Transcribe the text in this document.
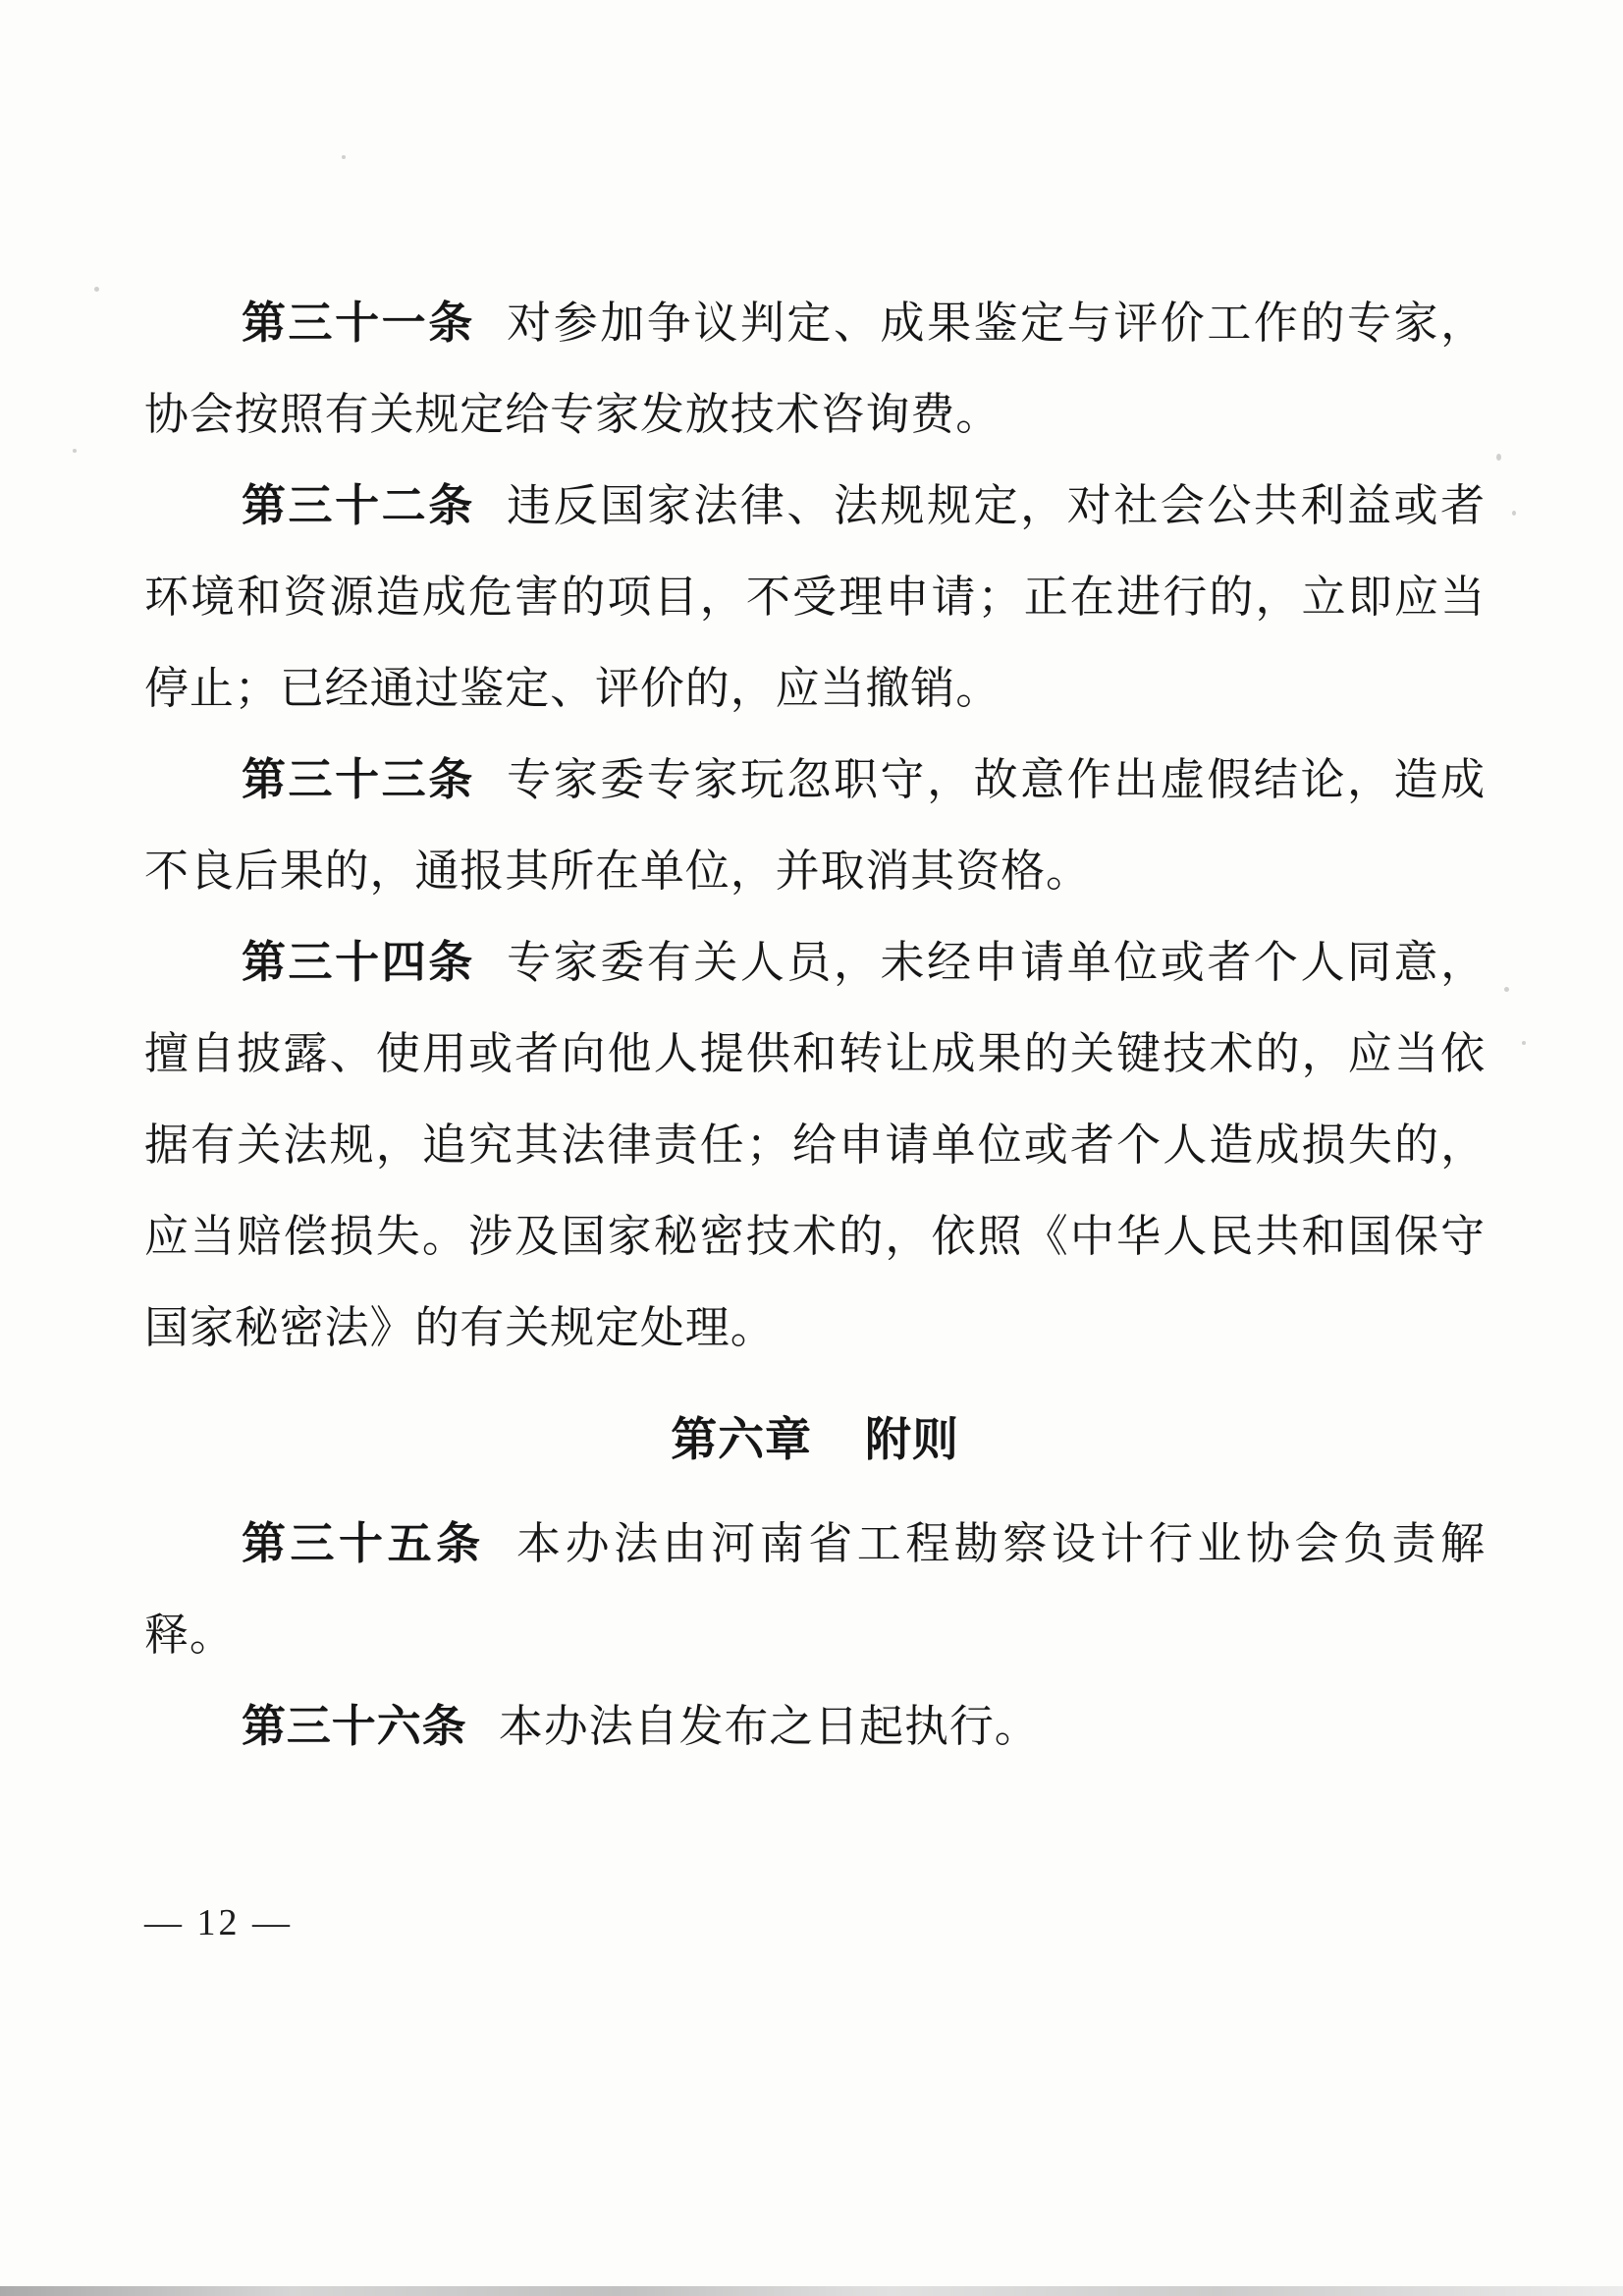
第三十一条 对参加争议判定、成果鉴定与评价工作的专家，协会按照有关规定给专家发放技术咨询费。

第三十二条 违反国家法律、法规规定，对社会公共利益或者环境和资源造成危害的项目，不受理申请；正在进行的，立即应当停止；已经通过鉴定、评价的，应当撤销。

第三十三条 专家委专家玩忽职守，故意作出虚假结论，造成不良后果的，通报其所在单位，并取消其资格。

第三十四条 专家委有关人员，未经申请单位或者个人同意，擅自披露、使用或者向他人提供和转让成果的关键技术的，应当依据有关法规，追究其法律责任；给申请单位或者个人造成损失的，应当赔偿损失。涉及国家秘密技术的，依照《中华人民共和国保守国家秘密法》的有关规定处理。

第六章 附则

第三十五条 本办法由河南省工程勘察设计行业协会负责解释。

第三十六条 本办法自发布之日起执行。

— 12 —
